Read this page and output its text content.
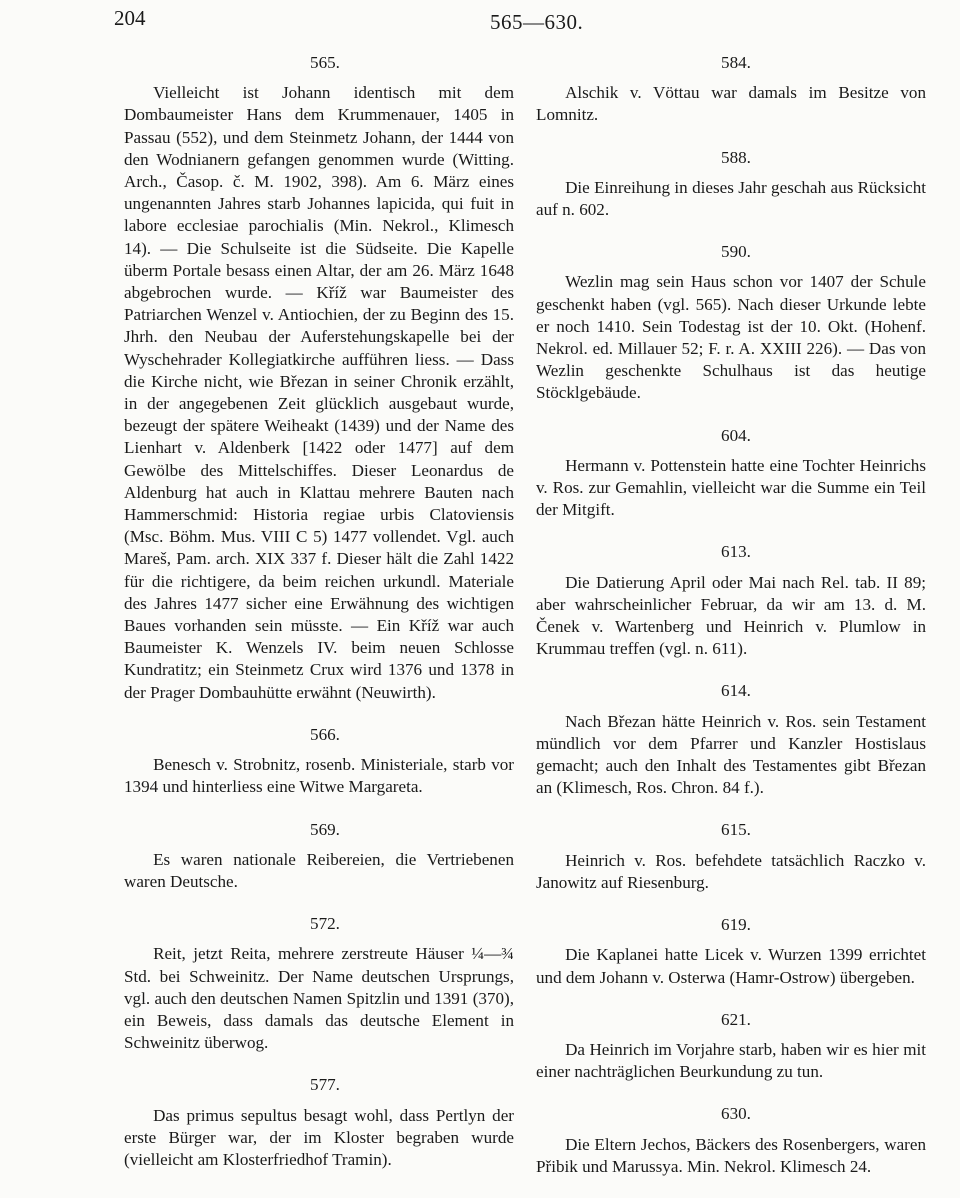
204	565—630.
565.

Vielleicht ist Johann identisch mit dem Dombaumeister Hans dem Krummenauer, 1405 in Passau (552), und dem Steinmetz Johann, der 1444 von den Wodnianern gefangen genommen wurde (Witting. Arch., Časop. č. M. 1902, 398). Am 6. März eines ungenannten Jahres starb Johannes lapicida, qui fuit in labore ecclesiae parochialis (Min. Nekrol., Klimesch 14). — Die Schulseite ist die Südseite. Die Kapelle überm Portale besass einen Altar, der am 26. März 1648 abgebrochen wurde. — Kříž war Baumeister des Patriarchen Wenzel v. Antiochien, der zu Beginn des 15. Jhrh. den Neubau der Auferstehungskapelle bei der Wyschehrader Kollegiatkirche aufführen liess. — Dass die Kirche nicht, wie Březan in seiner Chronik erzählt, in der angegebenen Zeit glücklich ausgebaut wurde, bezeugt der spätere Weiheakt (1439) und der Name des Lienhart v. Aldenberk [1422 oder 1477] auf dem Gewölbe des Mittelschiffes. Dieser Leonardus de Aldenburg hat auch in Klattau mehrere Bauten nach Hammerschmid: Historia regiae urbis Clatoviensis (Msc. Böhm. Mus. VIII C 5) 1477 vollendet. Vgl. auch Mareš, Pam. arch. XIX 337 f. Dieser hält die Zahl 1422 für die richtigere, da beim reichen urkundl. Materiale des Jahres 1477 sicher eine Erwähnung des wichtigen Baues vorhanden sein müsste. — Ein Kříž war auch Baumeister K. Wenzels IV. beim neuen Schlosse Kundratitz; ein Steinmetz Crux wird 1376 und 1378 in der Prager Dombauhütte erwähnt (Neuwirth).

566.

Benesch v. Strobnitz, rosenb. Ministeriale, starb vor 1394 und hinterliess eine Witwe Margareta.

569.

Es waren nationale Reibereien, die Vertriebenen waren Deutsche.

572.

Reit, jetzt Reita, mehrere zerstreute Häuser ¼—¾ Std. bei Schweinitz. Der Name deutschen Ursprungs, vgl. auch den deutschen Namen Spitzlin und 1391 (370), ein Beweis, dass damals das deutsche Element in Schweinitz überwog.

577.

Das primus sepultus besagt wohl, dass Pertlyn der erste Bürger war, der im Kloster begraben wurde (vielleicht am Klosterfriedhof Tramin).

584.

Alschik v. Vöttau war damals im Besitze von Lomnitz.

588.

Die Einreihung in dieses Jahr geschah aus Rücksicht auf n. 602.

590.

Wezlin mag sein Haus schon vor 1407 der Schule geschenkt haben (vgl. 565). Nach dieser Urkunde lebte er noch 1410. Sein Todestag ist der 10. Okt. (Hohenf. Nekrol. ed. Millauer 52; F. r. A. XXIII 226). — Das von Wezlin geschenkte Schulhaus ist das heutige Stöcklgebäude.

604.

Hermann v. Pottenstein hatte eine Tochter Heinrichs v. Ros. zur Gemahlin, vielleicht war die Summe ein Teil der Mitgift.

613.

Die Datierung April oder Mai nach Rel. tab. II 89; aber wahrscheinlicher Februar, da wir am 13. d. M. Čenek v. Wartenberg und Heinrich v. Plumlow in Krummau treffen (vgl. n. 611).

614.

Nach Březan hätte Heinrich v. Ros. sein Testament mündlich vor dem Pfarrer und Kanzler Hostislaus gemacht; auch den Inhalt des Testamentes gibt Březan an (Klimesch, Ros. Chron. 84 f.).

615.

Heinrich v. Ros. befehdete tatsächlich Raczko v. Janowitz auf Riesenburg.

619.

Die Kaplanei hatte Licek v. Wurzen 1399 errichtet und dem Johann v. Osterwa (Hamr-Ostrow) übergeben.

621.

Da Heinrich im Vorjahre starb, haben wir es hier mit einer nachträglichen Beurkundung zu tun.

630.

Die Eltern Jechos, Bäckers des Rosenbergers, waren Přibik und Marussya. Min. Nekrol. Klimesch 24.
